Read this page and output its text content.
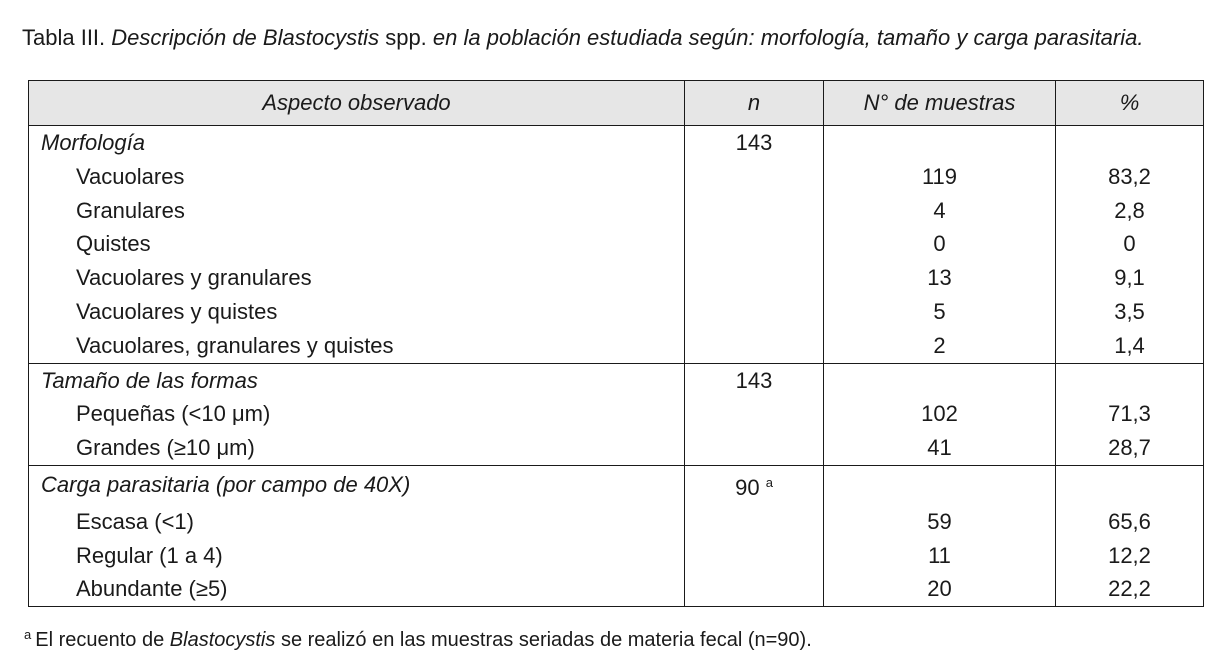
Tabla III. Descripción de Blastocystis spp. en la población estudiada según: morfología, tamaño y carga parasitaria.
Aspecto observado	n	N° de muestras	%
Morfología	143		
Vacuolares		119	83,2
Granulares		4	2,8
Quistes		0	0
Vacuolares y granulares		13	9,1
Vacuolares y quistes		5	3,5
Vacuolares, granulares y quistes		2	1,4
Tamaño de las formas	143		
Pequeñas (<10 μm)		102	71,3
Grandes (≥10 μm)		41	28,7
Carga parasitaria (por campo de 40X)	90 $^a$		
Escasa (<1)		59	65,6
Regular (1 a 4)		11	12,2
Abundante (≥5)		20	22,2
$^a$ El recuento de Blastocystis se realizó en las muestras seriadas de materia fecal (n=90).
